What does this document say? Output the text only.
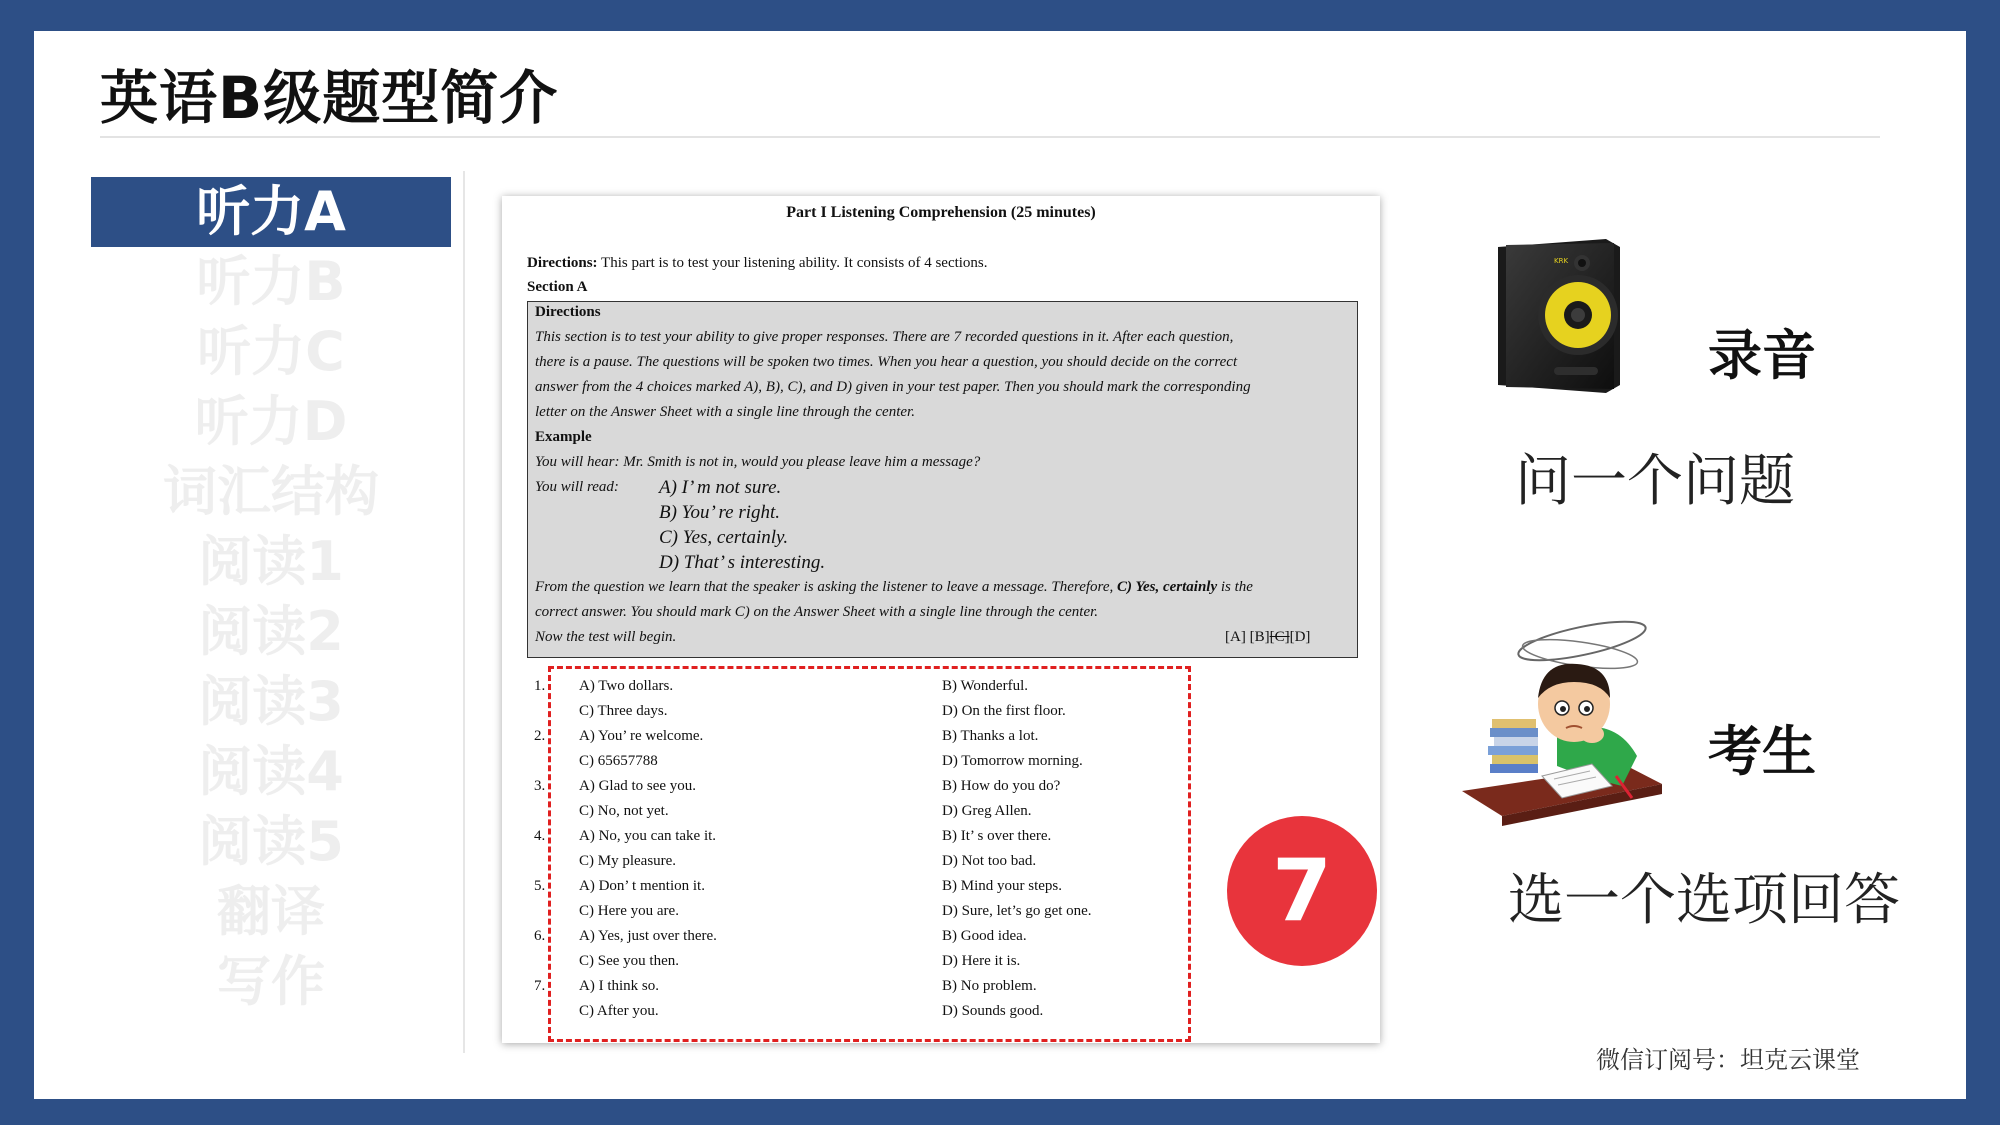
英语B级题型简介
听力A
听力B
听力C
听力D
词汇结构
阅读1
阅读2
阅读3
阅读4
阅读5
翻译
写作
Part I Listening Comprehension (25 minutes)
Directions: This part is to test your listening ability. It consists of 4 sections.
Section A
Directions
This section is to test your ability to give proper responses. There are 7 recorded questions in it. After each question,
there is a pause. The questions will be spoken two times. When you hear a question, you should decide on the correct
answer from the 4 choices marked A), B), C), and D) given in your test paper. Then you should mark the corresponding
letter on the Answer Sheet with a single line through the center.
Example
You will hear: Mr. Smith is not in, would you please leave him a message?
You will read: A) I’ m not sure.
B) You’ re right.
C) Yes, certainly.
D) That’ s interesting.
From the question we learn that the speaker is asking the listener to leave a message. Therefore, C) Yes, certainly is the
correct answer. You should mark C) on the Answer Sheet with a single line through the center.
Now the test will begin.	[A] [B][C][D]
1. A) Two dollars.	B) Wonderful.
C) Three days.	D) On the first floor.
2. A) You’ re welcome.	B) Thanks a lot.
C) 65657788	D) Tomorrow morning.
3. A) Glad to see you.	B) How do you do?
C) No, not yet.	D) Greg Allen.
4. A) No, you can take it.	B) It’ s over there.
C) My pleasure.	D) Not too bad.
5. A) Don’ t mention it.	B) Mind your steps.
C) Here you are.	D) Sure, let’s go get one.
6. A) Yes, just over there.	B) Good idea.
C) See you then.	D) Here it is.
7. A) I think so.	B) No problem.
C) After you.	D) Sounds good.
7
KRK
录音
问一个问题
考生
选一个选项回答
微信订阅号：坦克云课堂
